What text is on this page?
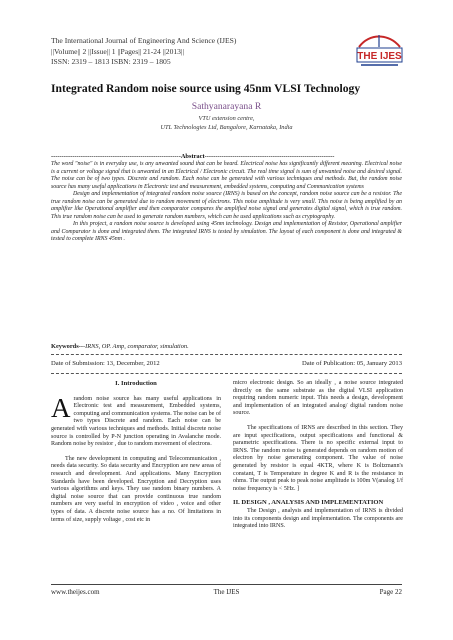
The International Journal of Engineering And Science (IJES)
||Volume|| 2 ||Issue|| 1 ||Pages|| 21-24 ||2013||
ISSN: 2319 – 1813 ISBN: 2319 – 1805	THE IJES
Integrated Random noise source using 45nm VLSI Technology
Sathyanarayana R
VTU extension centre,
UTL Technologies Ltd, Bangalore, Karnataka, India
-------------------------------------------------------------Abstract-------------------------------------------------------------

The word "noise" is in everyday use, is any unwanted sound that can be heard. Electrical noise has significantly different meaning. Electrical noise is a current or voltage signal that is unwanted in an Electrical / Electronic circuit. The real time signal is sum of unwanted noise and desired signal. The noise can be of two types. Discrete and random. Each noise can be generated with various techniques and methods. But, the random noise source has many useful applications in Electronic test and measurement, embedded systems, computing and Communication systems

Design and implementation of integrated random noise source (IRNS) is based on the concept, random noise source can be a resistor. The true random noise can be generated due to random movement of electrons. This noise amplitude is very small. This noise is being amplified by an amplifier like Operational amplifier and then comparator compares the amplified noise signal and generates digital signal, which is true random. This true random noise can be used to generate random numbers, which can be used applications such as cryptography.

In this project, a random noise source is developed using 45nm technology. Design and implementation of Resistor, Operational amplifier and Comparator is done and integrated them. The integrated IRNS is tested by simulation. The layout of each component is done and integrated & tested to complete IRNS 45nm .

Keywords---IRNS, OP. Amp, comparator, simulation.
Date of Submission: 13, December, 2012	Date of Publication: 05, January 2013
I. Introduction

Arandom noise source has many useful applications in Electronic test and measurement, Embedded systems, computing and communication systems. The noise can be of two types Discrete and random. Each noise can be generated with various techniques and methods. Initial discrete noise source is controlled by P-N junction operating in Avalanche mode. Random noise by resistor , due to random movement of electrons.

The new development in computing and Telecommunication , needs data security. So data security and Encryption are new areas of research and development. And applications. Many Encryption Standards have been developed. Encryption and Decryption uses various algorithms and keys. They use random binary numbers. A digital noise source that can provide continuous true random numbers are very useful in encryption of video , voice and other types of data. A discrete noise source has a no. Of limitations in terms of size, supply voltage , cost etc in

micro electronic design. So an ideally , a noise source integrated directly on the same substrate as the digital VLSI application requiring random numeric input. This needs a design, development and implementation of an integrated analog/ digital random noise source.

The specifications of IRNS are described in this section. They are input specifications, output specifications and functional & parametric specifications. There is no specific external input to IRNS. The random noise is generated depends on random motion of electron by noise generating component. The value of noise generated by resistor is equal 4KTR, where K is Boltzmann's constant, T is Temperature in degree K and R is the resistance in ohms. The output peak to peak noise amplitude is 100m V(analog 1/f noise frequency is < 5Hz. ]

II. DESIGN , ANALYSIS AND IMPLEMENTATION

The Design , analysis and implementation of IRNS is divided into its components design and implementation. The components are integrated into IRNS.

www.theijes.com	The IJES	Page 22
